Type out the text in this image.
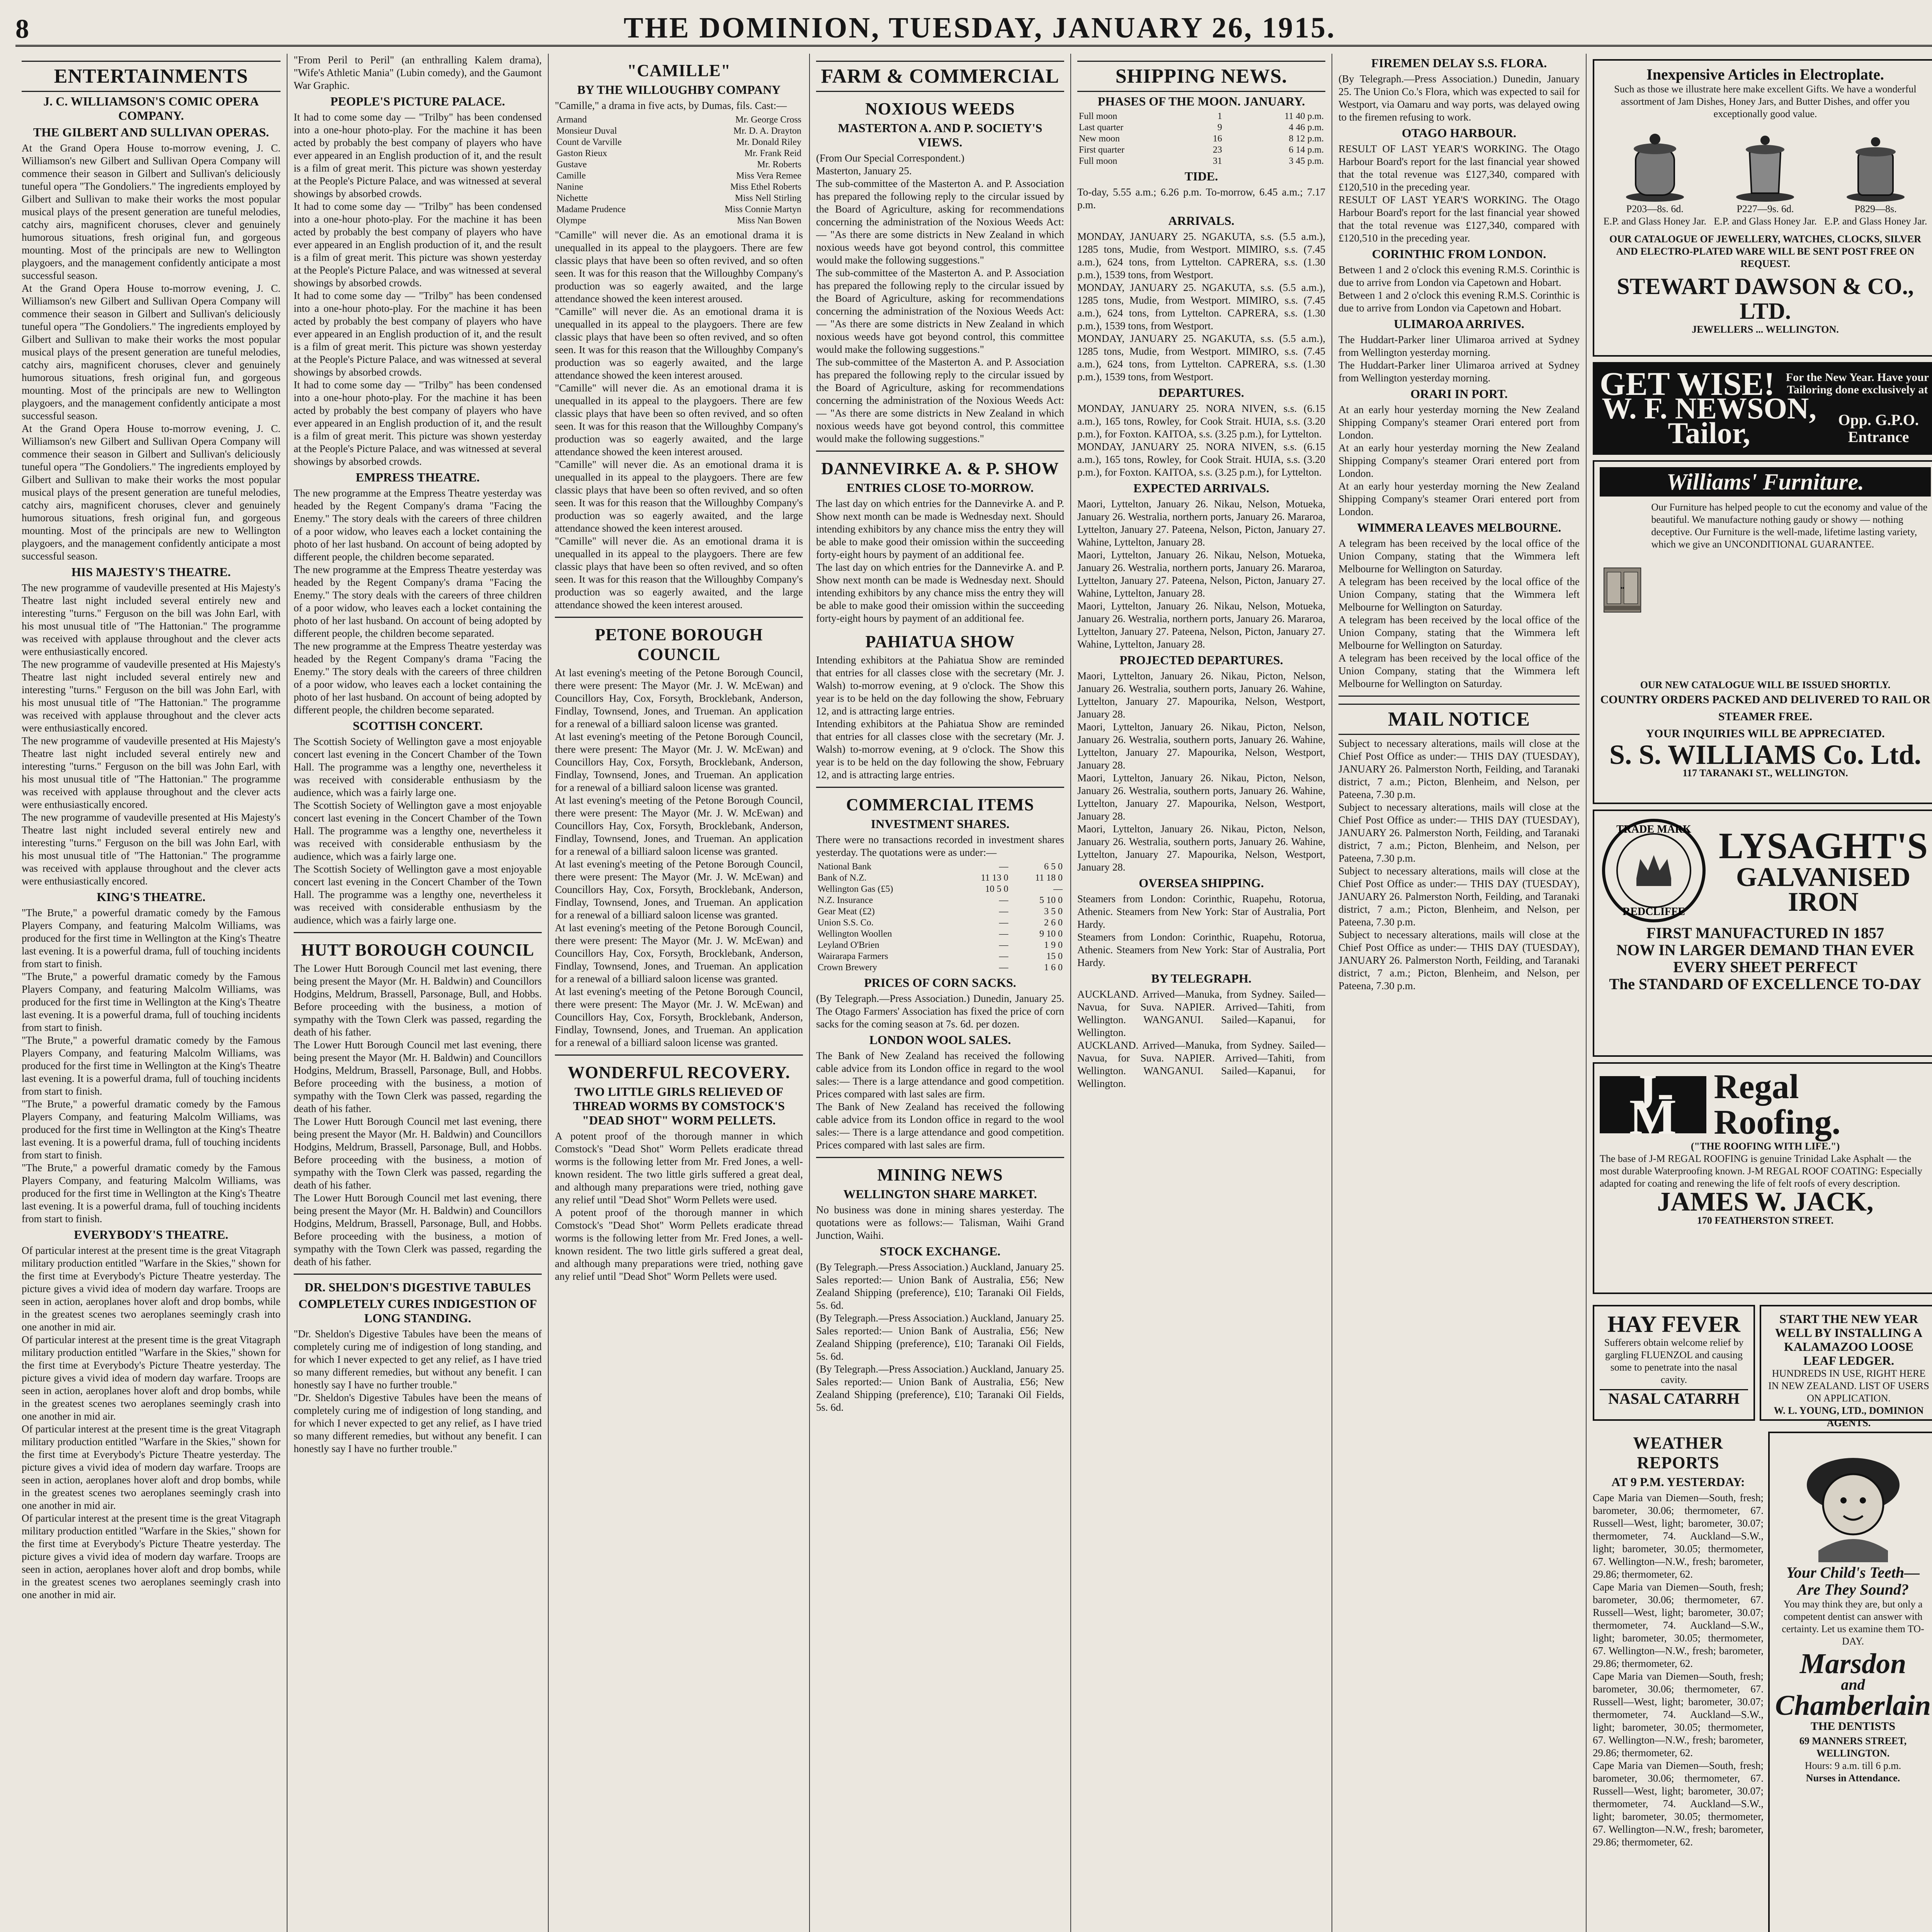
8	THE DOMINION, TUESDAY, JANUARY 26, 1915.
ENTERTAINMENTS
J. C. WILLIAMSON'S COMIC OPERA COMPANY.
THE GILBERT AND SULLIVAN OPERAS.

At the Grand Opera House to-morrow evening, J. C. Williamson's new Gilbert and Sullivan Opera Company will commence their season in Gilbert and Sullivan's deliciously tuneful opera "The Gondoliers." The ingredients employed by Gilbert and Sullivan to make their works the most popular musical plays of the present generation are tuneful melodies, catchy airs, magnificent choruses, clever and genuinely humorous situations, fresh original fun, and gorgeous mounting. Most of the principals are new to Wellington playgoers, and the management confidently anticipate a most successful season.

At the Grand Opera House to-morrow evening, J. C. Williamson's new Gilbert and Sullivan Opera Company will commence their season in Gilbert and Sullivan's deliciously tuneful opera "The Gondoliers." The ingredients employed by Gilbert and Sullivan to make their works the most popular musical plays of the present generation are tuneful melodies, catchy airs, magnificent choruses, clever and genuinely humorous situations, fresh original fun, and gorgeous mounting. Most of the principals are new to Wellington playgoers, and the management confidently anticipate a most successful season.

At the Grand Opera House to-morrow evening, J. C. Williamson's new Gilbert and Sullivan Opera Company will commence their season in Gilbert and Sullivan's deliciously tuneful opera "The Gondoliers." The ingredients employed by Gilbert and Sullivan to make their works the most popular musical plays of the present generation are tuneful melodies, catchy airs, magnificent choruses, clever and genuinely humorous situations, fresh original fun, and gorgeous mounting. Most of the principals are new to Wellington playgoers, and the management confidently anticipate a most successful season.

HIS MAJESTY'S THEATRE.

The new programme of vaudeville presented at His Majesty's Theatre last night included several entirely new and interesting "turns." Ferguson on the bill was John Earl, with his most unusual title of "The Hattonian." The programme was received with applause throughout and the clever acts were enthusiastically encored.

The new programme of vaudeville presented at His Majesty's Theatre last night included several entirely new and interesting "turns." Ferguson on the bill was John Earl, with his most unusual title of "The Hattonian." The programme was received with applause throughout and the clever acts were enthusiastically encored.

The new programme of vaudeville presented at His Majesty's Theatre last night included several entirely new and interesting "turns." Ferguson on the bill was John Earl, with his most unusual title of "The Hattonian." The programme was received with applause throughout and the clever acts were enthusiastically encored.

The new programme of vaudeville presented at His Majesty's Theatre last night included several entirely new and interesting "turns." Ferguson on the bill was John Earl, with his most unusual title of "The Hattonian." The programme was received with applause throughout and the clever acts were enthusiastically encored.

KING'S THEATRE.

"The Brute," a powerful dramatic comedy by the Famous Players Company, and featuring Malcolm Williams, was produced for the first time in Wellington at the King's Theatre last evening. It is a powerful drama, full of touching incidents from start to finish.

"The Brute," a powerful dramatic comedy by the Famous Players Company, and featuring Malcolm Williams, was produced for the first time in Wellington at the King's Theatre last evening. It is a powerful drama, full of touching incidents from start to finish.

"The Brute," a powerful dramatic comedy by the Famous Players Company, and featuring Malcolm Williams, was produced for the first time in Wellington at the King's Theatre last evening. It is a powerful drama, full of touching incidents from start to finish.

"The Brute," a powerful dramatic comedy by the Famous Players Company, and featuring Malcolm Williams, was produced for the first time in Wellington at the King's Theatre last evening. It is a powerful drama, full of touching incidents from start to finish.

"The Brute," a powerful dramatic comedy by the Famous Players Company, and featuring Malcolm Williams, was produced for the first time in Wellington at the King's Theatre last evening. It is a powerful drama, full of touching incidents from start to finish.

EVERYBODY'S THEATRE.

Of particular interest at the present time is the great Vitagraph military production entitled "Warfare in the Skies," shown for the first time at Everybody's Picture Theatre yesterday. The picture gives a vivid idea of modern day warfare. Troops are seen in action, aeroplanes hover aloft and drop bombs, while in the greatest scenes two aeroplanes seemingly crash into one another in mid air.

Of particular interest at the present time is the great Vitagraph military production entitled "Warfare in the Skies," shown for the first time at Everybody's Picture Theatre yesterday. The picture gives a vivid idea of modern day warfare. Troops are seen in action, aeroplanes hover aloft and drop bombs, while in the greatest scenes two aeroplanes seemingly crash into one another in mid air.

Of particular interest at the present time is the great Vitagraph military production entitled "Warfare in the Skies," shown for the first time at Everybody's Picture Theatre yesterday. The picture gives a vivid idea of modern day warfare. Troops are seen in action, aeroplanes hover aloft and drop bombs, while in the greatest scenes two aeroplanes seemingly crash into one another in mid air.

Of particular interest at the present time is the great Vitagraph military production entitled "Warfare in the Skies," shown for the first time at Everybody's Picture Theatre yesterday. The picture gives a vivid idea of modern day warfare. Troops are seen in action, aeroplanes hover aloft and drop bombs, while in the greatest scenes two aeroplanes seemingly crash into one another in mid air.

"From Peril to Peril" (an enthralling Kalem drama), "Wife's Athletic Mania" (Lubin comedy), and the Gaumont War Graphic.

PEOPLE'S PICTURE PALACE.

It had to come some day — "Trilby" has been condensed into a one-hour photo-play. For the machine it has been acted by probably the best company of players who have ever appeared in an English production of it, and the result is a film of great merit. This picture was shown yesterday at the People's Picture Palace, and was witnessed at several showings by absorbed crowds.

It had to come some day — "Trilby" has been condensed into a one-hour photo-play. For the machine it has been acted by probably the best company of players who have ever appeared in an English production of it, and the result is a film of great merit. This picture was shown yesterday at the People's Picture Palace, and was witnessed at several showings by absorbed crowds.

It had to come some day — "Trilby" has been condensed into a one-hour photo-play. For the machine it has been acted by probably the best company of players who have ever appeared in an English production of it, and the result is a film of great merit. This picture was shown yesterday at the People's Picture Palace, and was witnessed at several showings by absorbed crowds.

It had to come some day — "Trilby" has been condensed into a one-hour photo-play. For the machine it has been acted by probably the best company of players who have ever appeared in an English production of it, and the result is a film of great merit. This picture was shown yesterday at the People's Picture Palace, and was witnessed at several showings by absorbed crowds.

EMPRESS THEATRE.

The new programme at the Empress Theatre yesterday was headed by the Regent Company's drama "Facing the Enemy." The story deals with the careers of three children of a poor widow, who leaves each a locket containing the photo of her last husband. On account of being adopted by different people, the children become separated.

The new programme at the Empress Theatre yesterday was headed by the Regent Company's drama "Facing the Enemy." The story deals with the careers of three children of a poor widow, who leaves each a locket containing the photo of her last husband. On account of being adopted by different people, the children become separated.

The new programme at the Empress Theatre yesterday was headed by the Regent Company's drama "Facing the Enemy." The story deals with the careers of three children of a poor widow, who leaves each a locket containing the photo of her last husband. On account of being adopted by different people, the children become separated.

SCOTTISH CONCERT.

The Scottish Society of Wellington gave a most enjoyable concert last evening in the Concert Chamber of the Town Hall. The programme was a lengthy one, nevertheless it was received with considerable enthusiasm by the audience, which was a fairly large one.

The Scottish Society of Wellington gave a most enjoyable concert last evening in the Concert Chamber of the Town Hall. The programme was a lengthy one, nevertheless it was received with considerable enthusiasm by the audience, which was a fairly large one.

The Scottish Society of Wellington gave a most enjoyable concert last evening in the Concert Chamber of the Town Hall. The programme was a lengthy one, nevertheless it was received with considerable enthusiasm by the audience, which was a fairly large one.

HUTT BOROUGH COUNCIL

The Lower Hutt Borough Council met last evening, there being present the Mayor (Mr. H. Baldwin) and Councillors Hodgins, Meldrum, Brassell, Parsonage, Bull, and Hobbs. Before proceeding with the business, a motion of sympathy with the Town Clerk was passed, regarding the death of his father.

The Lower Hutt Borough Council met last evening, there being present the Mayor (Mr. H. Baldwin) and Councillors Hodgins, Meldrum, Brassell, Parsonage, Bull, and Hobbs. Before proceeding with the business, a motion of sympathy with the Town Clerk was passed, regarding the death of his father.

The Lower Hutt Borough Council met last evening, there being present the Mayor (Mr. H. Baldwin) and Councillors Hodgins, Meldrum, Brassell, Parsonage, Bull, and Hobbs. Before proceeding with the business, a motion of sympathy with the Town Clerk was passed, regarding the death of his father.

The Lower Hutt Borough Council met last evening, there being present the Mayor (Mr. H. Baldwin) and Councillors Hodgins, Meldrum, Brassell, Parsonage, Bull, and Hobbs. Before proceeding with the business, a motion of sympathy with the Town Clerk was passed, regarding the death of his father.

DR. SHELDON'S DIGESTIVE TABULES
COMPLETELY CURES INDIGESTION OF LONG STANDING.

"Dr. Sheldon's Digestive Tabules have been the means of completely curing me of indigestion of long standing, and for which I never expected to get any relief, as I have tried so many different remedies, but without any benefit. I can honestly say I have no further trouble."

"Dr. Sheldon's Digestive Tabules have been the means of completely curing me of indigestion of long standing, and for which I never expected to get any relief, as I have tried so many different remedies, but without any benefit. I can honestly say I have no further trouble."

"CAMILLE"
BY THE WILLOUGHBY COMPANY

"Camille," a drama in five acts, by Dumas, fils. Cast:—

Armand	Mr. George Cross
Monsieur Duval	Mr. D. A. Drayton
Count de Varville	Mr. Donald Riley
Gaston Rieux	Mr. Frank Reid
Gustave	Mr. Roberts
Camille	Miss Vera Remee
Nanine	Miss Ethel Roberts
Nichette	Miss Nell Stirling
Madame Prudence	Miss Connie Martyn
Olympe	Miss Nan Bowen

"Camille" will never die. As an emotional drama it is unequalled in its appeal to the playgoers. There are few classic plays that have been so often revived, and so often seen. It was for this reason that the Willoughby Company's production was so eagerly awaited, and the large attendance showed the keen interest aroused.

"Camille" will never die. As an emotional drama it is unequalled in its appeal to the playgoers. There are few classic plays that have been so often revived, and so often seen. It was for this reason that the Willoughby Company's production was so eagerly awaited, and the large attendance showed the keen interest aroused.

"Camille" will never die. As an emotional drama it is unequalled in its appeal to the playgoers. There are few classic plays that have been so often revived, and so often seen. It was for this reason that the Willoughby Company's production was so eagerly awaited, and the large attendance showed the keen interest aroused.

"Camille" will never die. As an emotional drama it is unequalled in its appeal to the playgoers. There are few classic plays that have been so often revived, and so often seen. It was for this reason that the Willoughby Company's production was so eagerly awaited, and the large attendance showed the keen interest aroused.

"Camille" will never die. As an emotional drama it is unequalled in its appeal to the playgoers. There are few classic plays that have been so often revived, and so often seen. It was for this reason that the Willoughby Company's production was so eagerly awaited, and the large attendance showed the keen interest aroused.

PETONE BOROUGH COUNCIL

At last evening's meeting of the Petone Borough Council, there were present: The Mayor (Mr. J. W. McEwan) and Councillors Hay, Cox, Forsyth, Brocklebank, Anderson, Findlay, Townsend, Jones, and Trueman. An application for a renewal of a billiard saloon license was granted.

At last evening's meeting of the Petone Borough Council, there were present: The Mayor (Mr. J. W. McEwan) and Councillors Hay, Cox, Forsyth, Brocklebank, Anderson, Findlay, Townsend, Jones, and Trueman. An application for a renewal of a billiard saloon license was granted.

At last evening's meeting of the Petone Borough Council, there were present: The Mayor (Mr. J. W. McEwan) and Councillors Hay, Cox, Forsyth, Brocklebank, Anderson, Findlay, Townsend, Jones, and Trueman. An application for a renewal of a billiard saloon license was granted.

At last evening's meeting of the Petone Borough Council, there were present: The Mayor (Mr. J. W. McEwan) and Councillors Hay, Cox, Forsyth, Brocklebank, Anderson, Findlay, Townsend, Jones, and Trueman. An application for a renewal of a billiard saloon license was granted.

At last evening's meeting of the Petone Borough Council, there were present: The Mayor (Mr. J. W. McEwan) and Councillors Hay, Cox, Forsyth, Brocklebank, Anderson, Findlay, Townsend, Jones, and Trueman. An application for a renewal of a billiard saloon license was granted.

At last evening's meeting of the Petone Borough Council, there were present: The Mayor (Mr. J. W. McEwan) and Councillors Hay, Cox, Forsyth, Brocklebank, Anderson, Findlay, Townsend, Jones, and Trueman. An application for a renewal of a billiard saloon license was granted.

WONDERFUL RECOVERY.
TWO LITTLE GIRLS RELIEVED OF THREAD WORMS BY COMSTOCK'S "DEAD SHOT" WORM PELLETS.

A potent proof of the thorough manner in which Comstock's "Dead Shot" Worm Pellets eradicate thread worms is the following letter from Mr. Fred Jones, a well-known resident. The two little girls suffered a great deal, and although many preparations were tried, nothing gave any relief until "Dead Shot" Worm Pellets were used.

A potent proof of the thorough manner in which Comstock's "Dead Shot" Worm Pellets eradicate thread worms is the following letter from Mr. Fred Jones, a well-known resident. The two little girls suffered a great deal, and although many preparations were tried, nothing gave any relief until "Dead Shot" Worm Pellets were used.

FARM & COMMERCIAL
NOXIOUS WEEDS
MASTERTON A. AND P. SOCIETY'S VIEWS.

(From Our Special Correspondent.)

Masterton, January 25.

The sub-committee of the Masterton A. and P. Association has prepared the following reply to the circular issued by the Board of Agriculture, asking for recommendations concerning the administration of the Noxious Weeds Act:— "As there are some districts in New Zealand in which noxious weeds have got beyond control, this committee would make the following suggestions."

The sub-committee of the Masterton A. and P. Association has prepared the following reply to the circular issued by the Board of Agriculture, asking for recommendations concerning the administration of the Noxious Weeds Act:— "As there are some districts in New Zealand in which noxious weeds have got beyond control, this committee would make the following suggestions."

The sub-committee of the Masterton A. and P. Association has prepared the following reply to the circular issued by the Board of Agriculture, asking for recommendations concerning the administration of the Noxious Weeds Act:— "As there are some districts in New Zealand in which noxious weeds have got beyond control, this committee would make the following suggestions."

DANNEVIRKE A. & P. SHOW
ENTRIES CLOSE TO-MORROW.

The last day on which entries for the Dannevirke A. and P. Show next month can be made is Wednesday next. Should intending exhibitors by any chance miss the entry they will be able to make good their omission within the succeeding forty-eight hours by payment of an additional fee.

The last day on which entries for the Dannevirke A. and P. Show next month can be made is Wednesday next. Should intending exhibitors by any chance miss the entry they will be able to make good their omission within the succeeding forty-eight hours by payment of an additional fee.

PAHIATUA SHOW

Intending exhibitors at the Pahiatua Show are reminded that entries for all classes close with the secretary (Mr. J. Walsh) to-morrow evening, at 9 o'clock. The Show this year is to be held on the day following the show, February 12, and is attracting large entries.

Intending exhibitors at the Pahiatua Show are reminded that entries for all classes close with the secretary (Mr. J. Walsh) to-morrow evening, at 9 o'clock. The Show this year is to be held on the day following the show, February 12, and is attracting large entries.

COMMERCIAL ITEMS
INVESTMENT SHARES.

There were no transactions recorded in investment shares yesterday. The quotations were as under:—

National Bank	—	6 5 0
Bank of N.Z.	11 13 0	11 18 0
Wellington Gas (£5)	10 5 0	—
N.Z. Insurance	—	5 10 0
Gear Meat (£2)	—	3 5 0
Union S.S. Co.	—	2 6 0
Wellington Woollen	—	9 10 0
Leyland O'Brien	—	1 9 0
Wairarapa Farmers	—	15 0
Crown Brewery	—	1 6 0
PRICES OF CORN SACKS.

(By Telegraph.—Press Association.) Dunedin, January 25. The Otago Farmers' Association has fixed the price of corn sacks for the coming season at 7s. 6d. per dozen.

LONDON WOOL SALES.

The Bank of New Zealand has received the following cable advice from its London office in regard to the wool sales:— There is a large attendance and good competition. Prices compared with last sales are firm.

The Bank of New Zealand has received the following cable advice from its London office in regard to the wool sales:— There is a large attendance and good competition. Prices compared with last sales are firm.

MINING NEWS
WELLINGTON SHARE MARKET.

No business was done in mining shares yesterday. The quotations were as follows:— Talisman, Waihi Grand Junction, Waihi.

STOCK EXCHANGE.

(By Telegraph.—Press Association.) Auckland, January 25. Sales reported:— Union Bank of Australia, £56; New Zealand Shipping (preference), £10; Taranaki Oil Fields, 5s. 6d.

(By Telegraph.—Press Association.) Auckland, January 25. Sales reported:— Union Bank of Australia, £56; New Zealand Shipping (preference), £10; Taranaki Oil Fields, 5s. 6d.

(By Telegraph.—Press Association.) Auckland, January 25. Sales reported:— Union Bank of Australia, £56; New Zealand Shipping (preference), £10; Taranaki Oil Fields, 5s. 6d.

SHIPPING NEWS.
PHASES OF THE MOON. JANUARY.
Full moon	1	11 40 p.m.
Last quarter	9	4 46 p.m.
New moon	16	8 12 p.m.
First quarter	23	6 14 p.m.
Full moon	31	3 45 p.m.
TIDE.

To-day, 5.55 a.m.; 6.26 p.m. To-morrow, 6.45 a.m.; 7.17 p.m.

ARRIVALS.

MONDAY, JANUARY 25. NGAKUTA, s.s. (5.5 a.m.), 1285 tons, Mudie, from Westport. MIMIRO, s.s. (7.45 a.m.), 624 tons, from Lyttelton. CAPRERA, s.s. (1.30 p.m.), 1539 tons, from Westport.

MONDAY, JANUARY 25. NGAKUTA, s.s. (5.5 a.m.), 1285 tons, Mudie, from Westport. MIMIRO, s.s. (7.45 a.m.), 624 tons, from Lyttelton. CAPRERA, s.s. (1.30 p.m.), 1539 tons, from Westport.

MONDAY, JANUARY 25. NGAKUTA, s.s. (5.5 a.m.), 1285 tons, Mudie, from Westport. MIMIRO, s.s. (7.45 a.m.), 624 tons, from Lyttelton. CAPRERA, s.s. (1.30 p.m.), 1539 tons, from Westport.

DEPARTURES.

MONDAY, JANUARY 25. NORA NIVEN, s.s. (6.15 a.m.), 165 tons, Rowley, for Cook Strait. HUIA, s.s. (3.20 p.m.), for Foxton. KAITOA, s.s. (3.25 p.m.), for Lyttelton.

MONDAY, JANUARY 25. NORA NIVEN, s.s. (6.15 a.m.), 165 tons, Rowley, for Cook Strait. HUIA, s.s. (3.20 p.m.), for Foxton. KAITOA, s.s. (3.25 p.m.), for Lyttelton.

EXPECTED ARRIVALS.

Maori, Lyttelton, January 26. Nikau, Nelson, Motueka, January 26. Westralia, northern ports, January 26. Mararoa, Lyttelton, January 27. Pateena, Nelson, Picton, January 27. Wahine, Lyttelton, January 28.

Maori, Lyttelton, January 26. Nikau, Nelson, Motueka, January 26. Westralia, northern ports, January 26. Mararoa, Lyttelton, January 27. Pateena, Nelson, Picton, January 27. Wahine, Lyttelton, January 28.

Maori, Lyttelton, January 26. Nikau, Nelson, Motueka, January 26. Westralia, northern ports, January 26. Mararoa, Lyttelton, January 27. Pateena, Nelson, Picton, January 27. Wahine, Lyttelton, January 28.

PROJECTED DEPARTURES.

Maori, Lyttelton, January 26. Nikau, Picton, Nelson, January 26. Westralia, southern ports, January 26. Wahine, Lyttelton, January 27. Mapourika, Nelson, Westport, January 28.

Maori, Lyttelton, January 26. Nikau, Picton, Nelson, January 26. Westralia, southern ports, January 26. Wahine, Lyttelton, January 27. Mapourika, Nelson, Westport, January 28.

Maori, Lyttelton, January 26. Nikau, Picton, Nelson, January 26. Westralia, southern ports, January 26. Wahine, Lyttelton, January 27. Mapourika, Nelson, Westport, January 28.

Maori, Lyttelton, January 26. Nikau, Picton, Nelson, January 26. Westralia, southern ports, January 26. Wahine, Lyttelton, January 27. Mapourika, Nelson, Westport, January 28.

OVERSEA SHIPPING.

Steamers from London: Corinthic, Ruapehu, Rotorua, Athenic. Steamers from New York: Star of Australia, Port Hardy.

Steamers from London: Corinthic, Ruapehu, Rotorua, Athenic. Steamers from New York: Star of Australia, Port Hardy.

BY TELEGRAPH.

AUCKLAND. Arrived—Manuka, from Sydney. Sailed—Navua, for Suva. NAPIER. Arrived—Tahiti, from Wellington. WANGANUI. Sailed—Kapanui, for Wellington.

AUCKLAND. Arrived—Manuka, from Sydney. Sailed—Navua, for Suva. NAPIER. Arrived—Tahiti, from Wellington. WANGANUI. Sailed—Kapanui, for Wellington.

FIREMEN DELAY S.S. FLORA.

(By Telegraph.—Press Association.) Dunedin, January 25. The Union Co.'s Flora, which was expected to sail for Westport, via Oamaru and way ports, was delayed owing to the firemen refusing to work.

OTAGO HARBOUR.

RESULT OF LAST YEAR'S WORKING. The Otago Harbour Board's report for the last financial year showed that the total revenue was £127,340, compared with £120,510 in the preceding year.

RESULT OF LAST YEAR'S WORKING. The Otago Harbour Board's report for the last financial year showed that the total revenue was £127,340, compared with £120,510 in the preceding year.

CORINTHIC FROM LONDON.

Between 1 and 2 o'clock this evening R.M.S. Corinthic is due to arrive from London via Capetown and Hobart.

Between 1 and 2 o'clock this evening R.M.S. Corinthic is due to arrive from London via Capetown and Hobart.

ULIMAROA ARRIVES.

The Huddart-Parker liner Ulimaroa arrived at Sydney from Wellington yesterday morning.

The Huddart-Parker liner Ulimaroa arrived at Sydney from Wellington yesterday morning.

ORARI IN PORT.

At an early hour yesterday morning the New Zealand Shipping Company's steamer Orari entered port from London.

At an early hour yesterday morning the New Zealand Shipping Company's steamer Orari entered port from London.

At an early hour yesterday morning the New Zealand Shipping Company's steamer Orari entered port from London.

WIMMERA LEAVES MELBOURNE.

A telegram has been received by the local office of the Union Company, stating that the Wimmera left Melbourne for Wellington on Saturday.

A telegram has been received by the local office of the Union Company, stating that the Wimmera left Melbourne for Wellington on Saturday.

A telegram has been received by the local office of the Union Company, stating that the Wimmera left Melbourne for Wellington on Saturday.

A telegram has been received by the local office of the Union Company, stating that the Wimmera left Melbourne for Wellington on Saturday.

MAIL NOTICE

Subject to necessary alterations, mails will close at the Chief Post Office as under:— THIS DAY (TUESDAY), JANUARY 26. Palmerston North, Feilding, and Taranaki district, 7 a.m.; Picton, Blenheim, and Nelson, per Pateena, 7.30 p.m.

Subject to necessary alterations, mails will close at the Chief Post Office as under:— THIS DAY (TUESDAY), JANUARY 26. Palmerston North, Feilding, and Taranaki district, 7 a.m.; Picton, Blenheim, and Nelson, per Pateena, 7.30 p.m.

Subject to necessary alterations, mails will close at the Chief Post Office as under:— THIS DAY (TUESDAY), JANUARY 26. Palmerston North, Feilding, and Taranaki district, 7 a.m.; Picton, Blenheim, and Nelson, per Pateena, 7.30 p.m.

Subject to necessary alterations, mails will close at the Chief Post Office as under:— THIS DAY (TUESDAY), JANUARY 26. Palmerston North, Feilding, and Taranaki district, 7 a.m.; Picton, Blenheim, and Nelson, per Pateena, 7.30 p.m.

Inexpensive Articles in Electroplate.
Such as those we illustrate here make excellent Gifts. We have a wonderful assortment of Jam Dishes, Honey Jars, and Butter Dishes, and offer you exceptionally good value.
P203—8s. 6d.
E.P. and Glass Honey Jar.
P227—9s. 6d.
E.P. and Glass Honey Jar.
P829—8s.
E.P. and Glass Honey Jar.
OUR CATALOGUE OF JEWELLERY, WATCHES, CLOCKS, SILVER AND ELECTRO-PLATED WARE WILL BE SENT POST FREE ON REQUEST.
STEWART DAWSON & CO., LTD.
JEWELLERS ... WELLINGTON.
GET WISE! For the New Year. Have your Tailoring done exclusively at
W. F. NEWSON, Tailor,	Opp. G.P.O. Entrance
Williams' Furniture.
Our Furniture has helped people to cut the economy and value of the beautiful. We manufacture nothing gaudy or showy — nothing deceptive. Our Furniture is the well-made, lifetime lasting variety, which we give an UNCONDITIONAL GUARANTEE.
OUR NEW CATALOGUE WILL BE ISSUED SHORTLY.
COUNTRY ORDERS PACKED AND DELIVERED TO RAIL OR STEAMER FREE.
YOUR INQUIRIES WILL BE APPRECIATED.
S. S. WILLIAMS Co. Ltd.
117 TARANAKI ST., WELLINGTON.
TRADE MARK
REDCLIFFE
LYSAGHT'S
GALVANISED
IRON
FIRST MANUFACTURED IN 1857
NOW IN LARGER DEMAND THAN EVER
EVERY SHEET PERFECT
The STANDARD OF EXCELLENCE TO-DAY
J-M
Regal Roofing.
("THE ROOFING WITH LIFE.")
The base of J-M REGAL ROOFING is genuine Trinidad Lake Asphalt — the most durable Waterproofing known. J-M REGAL ROOF COATING: Especially adapted for coating and renewing the life of felt roofs of every description.
JAMES W. JACK,
170 FEATHERSTON STREET.
HAY FEVER
Sufferers obtain welcome relief by gargling FLUENZOL and causing some to penetrate into the nasal cavity.
NASAL CATARRH
START THE NEW YEAR WELL BY INSTALLING A KALAMAZOO LOOSE LEAF LEDGER.
HUNDREDS IN USE, RIGHT HERE IN NEW ZEALAND. LIST OF USERS ON APPLICATION.
W. L. YOUNG, LTD., DOMINION AGENTS.
WEATHER REPORTS
AT 9 P.M. YESTERDAY:

Cape Maria van Diemen—South, fresh; barometer, 30.06; thermometer, 67. Russell—West, light; barometer, 30.07; thermometer, 74. Auckland—S.W., light; barometer, 30.05; thermometer, 67. Wellington—N.W., fresh; barometer, 29.86; thermometer, 62.

Cape Maria van Diemen—South, fresh; barometer, 30.06; thermometer, 67. Russell—West, light; barometer, 30.07; thermometer, 74. Auckland—S.W., light; barometer, 30.05; thermometer, 67. Wellington—N.W., fresh; barometer, 29.86; thermometer, 62.

Cape Maria van Diemen—South, fresh; barometer, 30.06; thermometer, 67. Russell—West, light; barometer, 30.07; thermometer, 74. Auckland—S.W., light; barometer, 30.05; thermometer, 67. Wellington—N.W., fresh; barometer, 29.86; thermometer, 62.

Cape Maria van Diemen—South, fresh; barometer, 30.06; thermometer, 67. Russell—West, light; barometer, 30.07; thermometer, 74. Auckland—S.W., light; barometer, 30.05; thermometer, 67. Wellington—N.W., fresh; barometer, 29.86; thermometer, 62.

Your Child's Teeth— Are They Sound?
You may think they are, but only a competent dentist can answer with certainty. Let us examine them TO-DAY.
Marsdon
and
Chamberlain
THE DENTISTS
69 MANNERS STREET, WELLINGTON.
Hours: 9 a.m. till 6 p.m.
Nurses in Attendance.
